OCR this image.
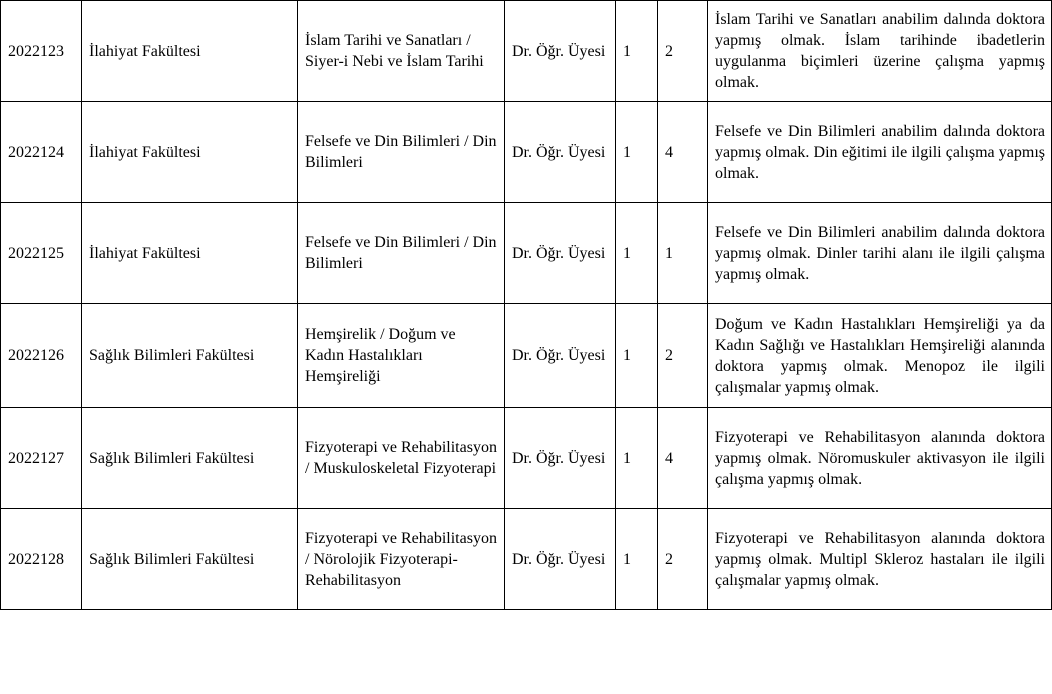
2022123	İlahiyat Fakültesi	İslam Tarihi ve Sanatları / Siyer-i Nebi ve İslam Tarihi	Dr. Öğr. Üyesi	1	2	İslam Tarihi ve Sanatları anabilim dalında doktora yapmış olmak. İslam tarihinde ibadetlerin uygulanma biçimleri üzerine çalışma yapmış olmak.
2022124	İlahiyat Fakültesi	Felsefe ve Din Bilimleri / Din Bilimleri	Dr. Öğr. Üyesi	1	4	Felsefe ve Din Bilimleri anabilim dalında doktora yapmış olmak. Din eğitimi ile ilgili çalışma yapmış olmak.
2022125	İlahiyat Fakültesi	Felsefe ve Din Bilimleri / Din Bilimleri	Dr. Öğr. Üyesi	1	1	Felsefe ve Din Bilimleri anabilim dalında doktora yapmış olmak. Dinler tarihi alanı ile ilgili çalışma yapmış olmak.
2022126	Sağlık Bilimleri Fakültesi	Hemşirelik / Doğum ve Kadın Hastalıkları Hemşireliği	Dr. Öğr. Üyesi	1	2	Doğum ve Kadın Hastalıkları Hemşireliği ya da Kadın Sağlığı ve Hastalıkları Hemşireliği alanında doktora yapmış olmak. Menopoz ile ilgili çalışmalar yapmış olmak.
2022127	Sağlık Bilimleri Fakültesi	Fizyoterapi ve Rehabilitasyon / Muskuloskeletal Fizyoterapi	Dr. Öğr. Üyesi	1	4	Fizyoterapi ve Rehabilitasyon alanında doktora yapmış olmak. Nöromuskuler aktivasyon ile ilgili çalışma yapmış olmak.
2022128	Sağlık Bilimleri Fakültesi	Fizyoterapi ve Rehabilitasyon / Nörolojik Fizyoterapi-Rehabilitasyon	Dr. Öğr. Üyesi	1	2	Fizyoterapi ve Rehabilitasyon alanında doktora yapmış olmak. Multipl Skleroz hastaları ile ilgili çalışmalar yapmış olmak.
